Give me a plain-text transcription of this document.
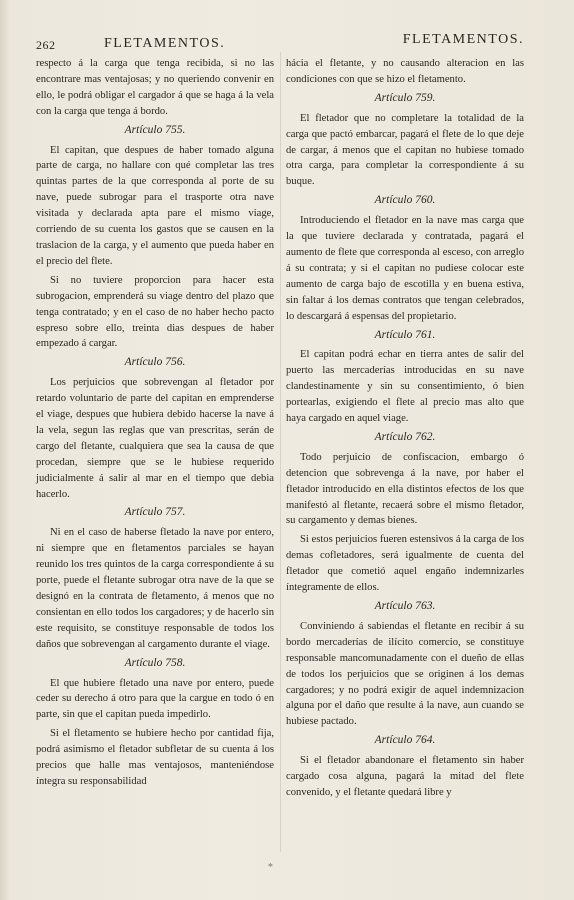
262	FLETAMENTOS.	FLETAMENTOS.

respecto á la carga que tenga recibida, si no las encontrare mas ventajosas; y no queriendo convenir en ello, le podrá obligar el cargador á que se haga á la vela con la carga que tenga á bordo.

Artículo 755.

El capitan, que despues de haber tomado alguna parte de carga, no hallare con qué completar las tres quintas partes de la que corresponda al porte de su nave, puede subrogar para el trasporte otra nave visitada y declarada apta pare el mismo viage, corriendo de su cuenta los gastos que se causen en la traslacion de la carga, y el aumento que pueda haber en el precio del flete.

Si no tuviere proporcion para hacer esta subrogacion, emprenderá su viage dentro del plazo que tenga contratado; y en el caso de no haber hecho pacto espreso sobre ello, treinta dias despues de haber empezado á cargar.

Artículo 756.

Los perjuicios que sobrevengan al fletador por retardo voluntario de parte del capitan en emprenderse el viage, despues que hubiera debido hacerse la nave á la vela, segun las reglas que van prescritas, serán de cargo del fletante, cualquiera que sea la causa de que procedan, siempre que se le hubiese requerido judicialmente á salir al mar en el tiempo que debia hacerlo.

Artículo 757.

Ni en el caso de haberse fletado la nave por entero, ni siempre que en fletamentos parciales se hayan reunido los tres quintos de la carga correspondiente á su porte, puede el fletante subrogar otra nave de la que se designó en la contrata de fletamento, á menos que no consientan en ello todos los cargadores; y de hacerlo sin este requisito, se constituye responsable de todos los daños que sobrevengan al cargamento durante el viage.

Artículo 758.

El que hubiere fletado una nave por entero, puede ceder su derecho á otro para que la cargue en todo ó en parte, sin que el capitan pueda impedirlo.

Si el fletamento se hubiere hecho por cantidad fija, podrá asimismo el fletador subfletar de su cuenta á los precios que halle mas ventajosos, manteniéndose íntegra su responsabilidad

hácia el fletante, y no causando alteracion en las condiciones con que se hizo el fletamento.

Artículo 759.

El fletador que no completare la totalidad de la carga que pactó embarcar, pagará el flete de lo que deje de cargar, á menos que el capitan no hubiese tomado otra carga, para completar la correspondiente á su buque.

Artículo 760.

Introduciendo el fletador en la nave mas carga que la que tuviere declarada y contratada, pagará el aumento de flete que corresponda al esceso, con arreglo á su contrata; y si el capitan no pudiese colocar este aumento de carga bajo de escotilla y en buena estiva, sin faltar á los demas contratos que tengan celebrados, lo descargará á espensas del propietario.

Artículo 761.

El capitan podrá echar en tierra antes de salir del puerto las mercaderías introducidas en su nave clandestinamente y sin su consentimiento, ó bien portearlas, exigiendo el flete al precio mas alto que haya cargado en aquel viage.

Artículo 762.

Todo perjuicio de confiscacion, embargo ó detencion que sobrevenga á la nave, por haber el fletador introducido en ella distintos efectos de los que manifestó al fletante, recaerá sobre el mismo fletador, su cargamento y demas bienes.

Si estos perjuicios fueren estensivos á la carga de los demas cofletadores, será igualmente de cuenta del fletador que cometió aquel engaño indemnizarles íntegramente de ellos.

Artículo 763.

Conviniendo á sabiendas el fletante en recibir á su bordo mercaderías de ilícito comercio, se constituye responsable mancomunadamente con el dueño de ellas de todos los perjuicios que se originen á los demas cargadores; y no podrá exigir de aquel indemnizacion alguna por el daño que resulte á la nave, aun cuando se hubiese pactado.

Artículo 764.

Si el fletador abandonare el fletamento sin haber cargado cosa alguna, pagará la mitad del flete convenido, y el fletante quedará libre y

*
